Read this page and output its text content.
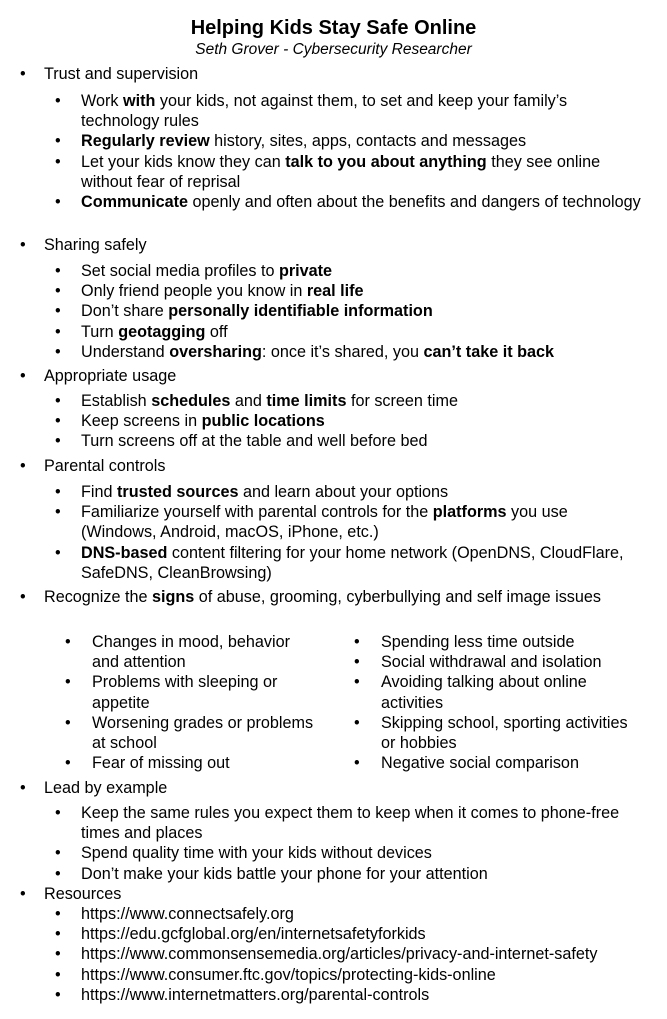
Helping Kids Stay Safe Online
Seth Grover - Cybersecurity Researcher
• Trust and supervision
• Work with your kids, not against them, to set and keep your family’s technology rules
• Regularly review history, sites, apps, contacts and messages
• Let your kids know they can talk to you about anything they see online without fear of reprisal
• Communicate openly and often about the benefits and dangers of technology
• Sharing safely
• Set social media profiles to private
• Only friend people you know in real life
• Don’t share personally identifiable information
• Turn geotagging off
• Understand oversharing: once it’s shared, you can’t take it back
• Appropriate usage
• Establish schedules and time limits for screen time
• Keep screens in public locations
• Turn screens off at the table and well before bed
• Parental controls
• Find trusted sources and learn about your options
• Familiarize yourself with parental controls for the platforms you use (Windows, Android, macOS, iPhone, etc.)
• DNS-based content filtering for your home network (OpenDNS, CloudFlare, SafeDNS, CleanBrowsing)
• Recognize the signs of abuse, grooming, cyberbullying and self image issues
• Changes in mood, behavior and attention
• Problems with sleeping or appetite
• Worsening grades or problems at school
• Fear of missing out
• Spending less time outside
• Social withdrawal and isolation
• Avoiding talking about online activities
• Skipping school, sporting activities or hobbies
• Negative social comparison
• Lead by example
• Keep the same rules you expect them to keep when it comes to phone-free times and places
• Spend quality time with your kids without devices
• Don’t make your kids battle your phone for your attention
• Resources
• https://www.connectsafely.org
• https://edu.gcfglobal.org/en/internetsafetyforkids
• https://www.commonsensemedia.org/articles/privacy-and-internet-safety
• https://www.consumer.ftc.gov/topics/protecting-kids-online
• https://www.internetmatters.org/parental-controls
